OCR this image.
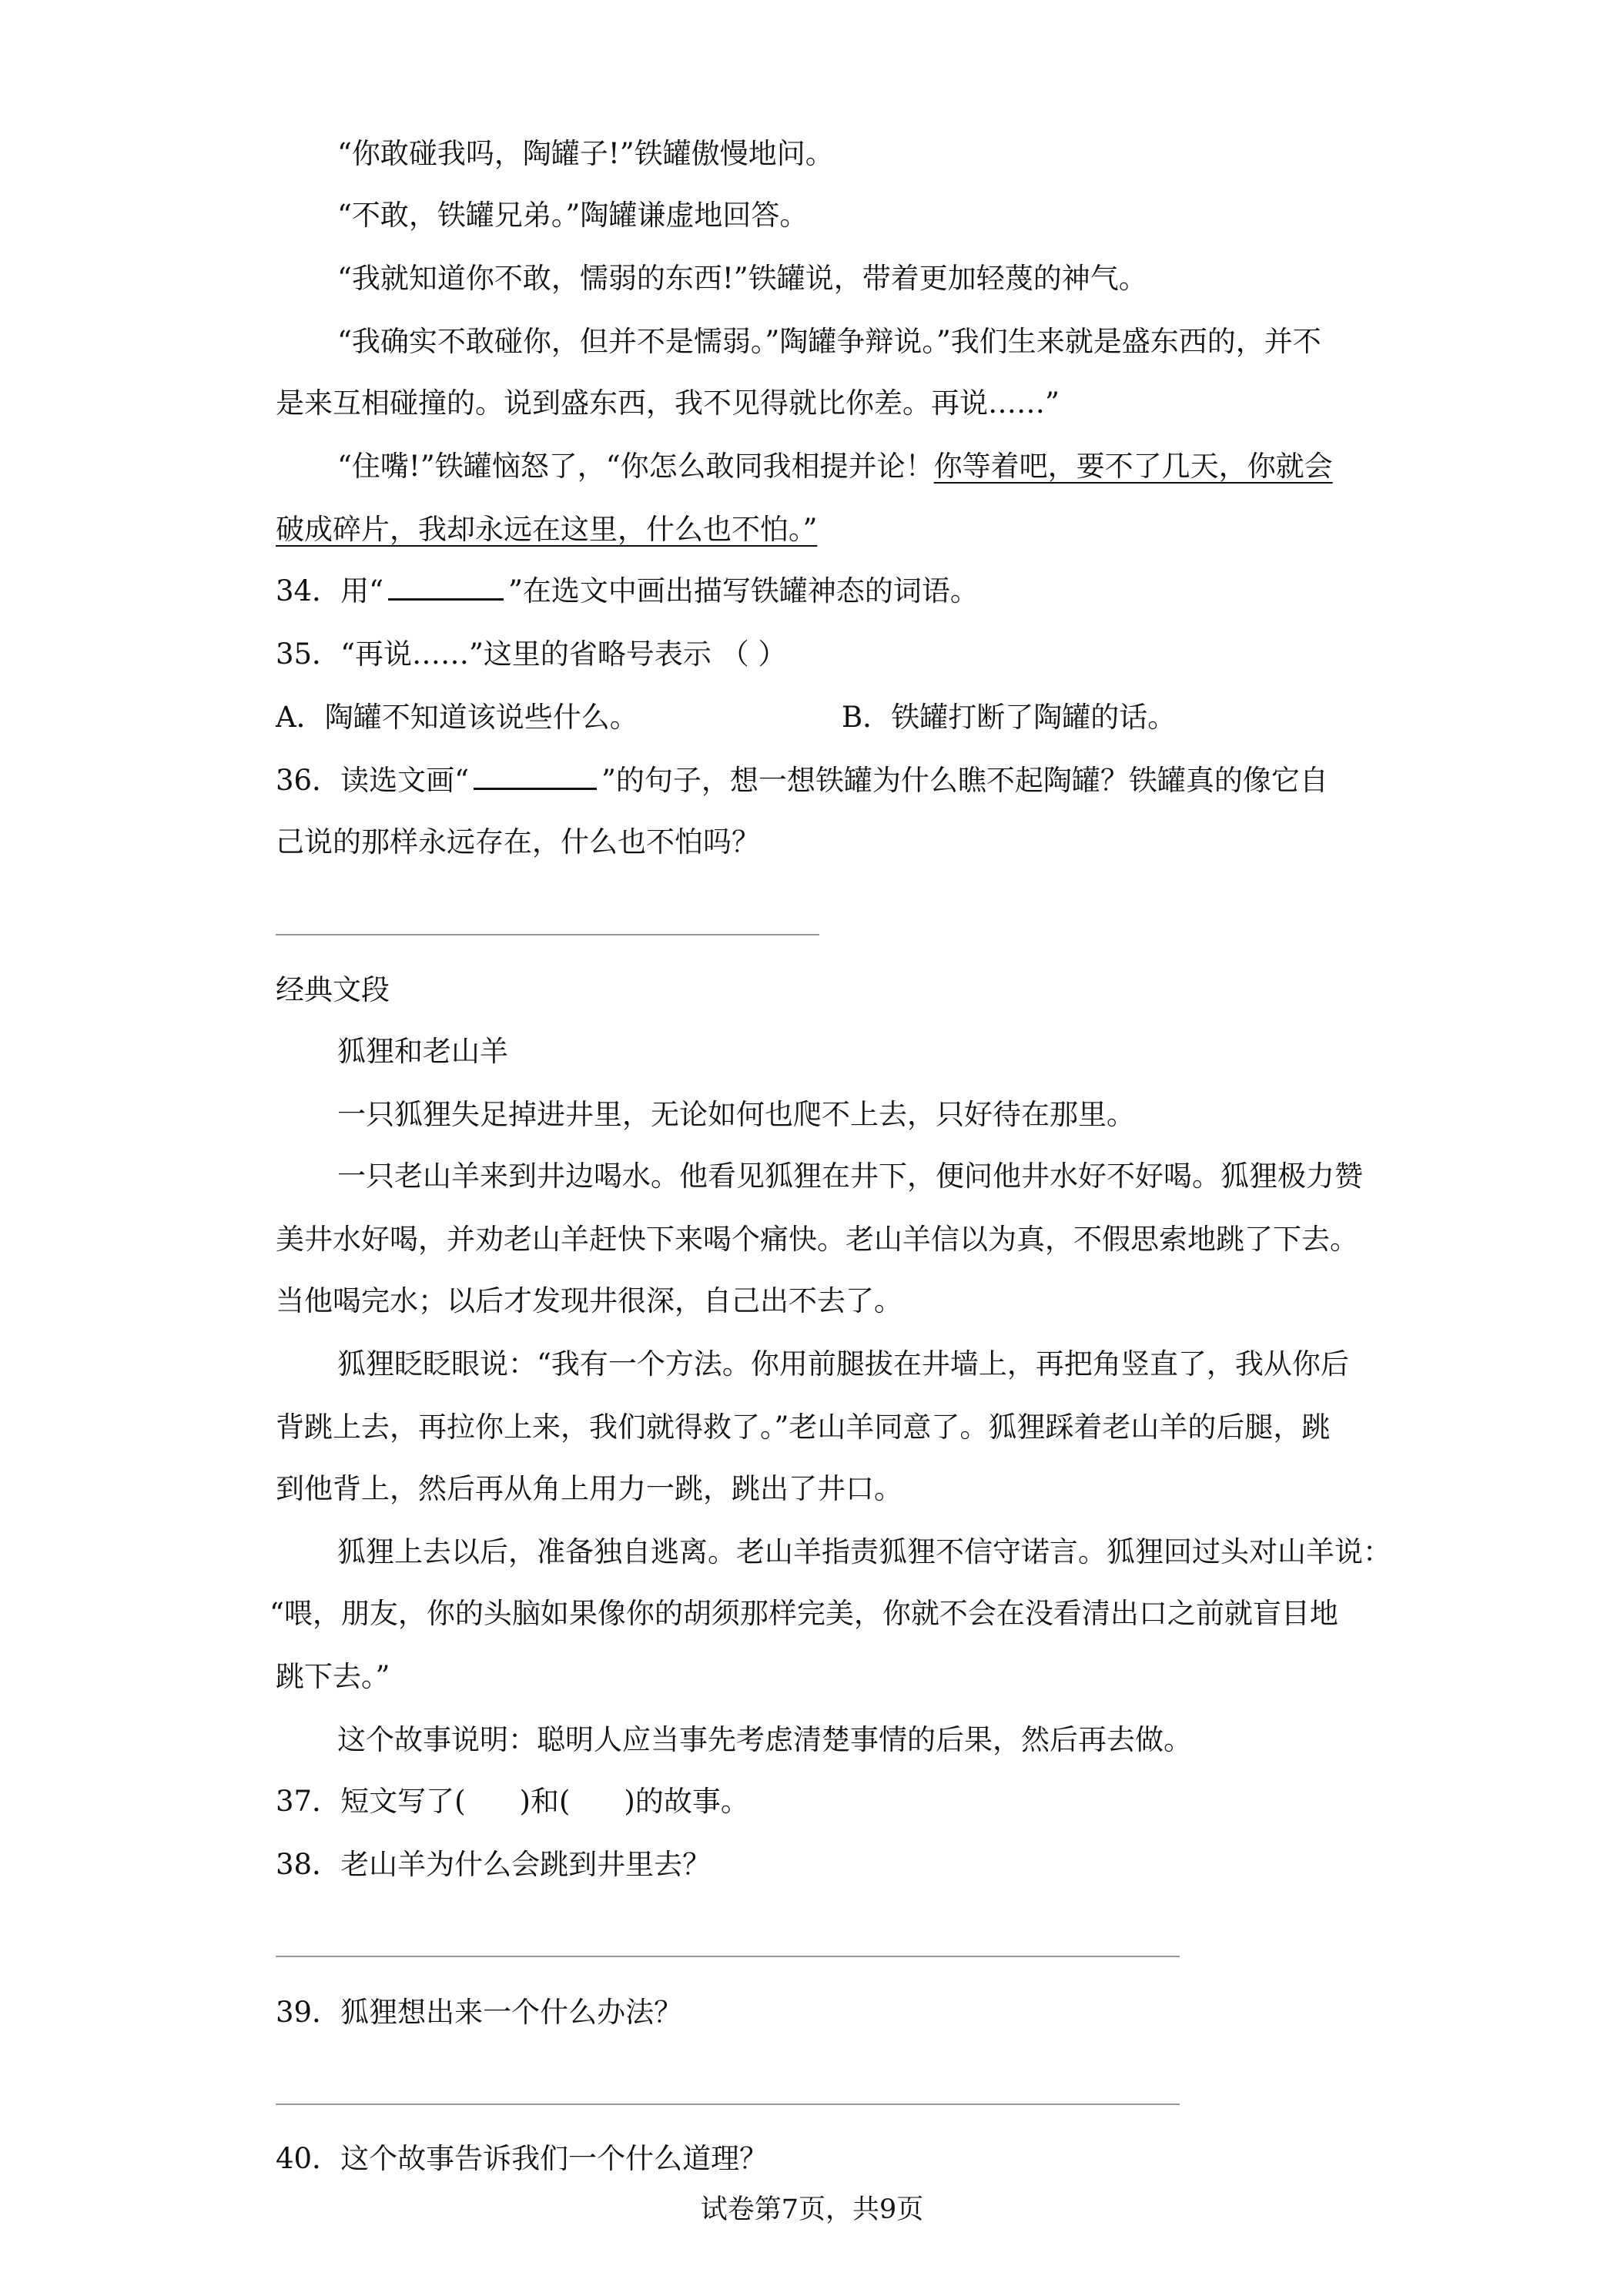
“你敢碰我吗，陶罐子!”铁罐傲慢地问。
“不敢，铁罐兄弟。”陶罐谦虚地回答。
“我就知道你不敢，懦弱的东西!”铁罐说，带着更加轻蔑的神气。
“我确实不敢碰你，但并不是懦弱。”陶罐争辩说。”我们生来就是盛东西的，并不
是来互相碰撞的。说到盛东西，我不见得就比你差。再说……”
“住嘴!”铁罐恼怒了，“你怎么敢同我相提并论！你等着吧，要不了几天，你就会
破成碎片，我却永远在这里，什么也不怕。”
34．用“	”在选文中画出描写铁罐神态的词语。
35．“再说……”这里的省略号表示 （ ）
A．陶罐不知道该说些什么。	B．铁罐打断了陶罐的话。
36．读选文画“	”的句子，想一想铁罐为什么瞧不起陶罐？铁罐真的像它自
己说的那样永远存在，什么也不怕吗？
经典文段
狐狸和老山羊
一只狐狸失足掉进井里，无论如何也爬不上去，只好待在那里。
一只老山羊来到井边喝水。他看见狐狸在井下，便问他井水好不好喝。狐狸极力赞
美井水好喝，并劝老山羊赶快下来喝个痛快。老山羊信以为真，不假思索地跳了下去。
当他喝完水；以后才发现井很深，自己出不去了。
狐狸眨眨眼说：“我有一个方法。你用前腿拔在井墙上，再把角竖直了，我从你后
背跳上去，再拉你上来，我们就得救了。”老山羊同意了。狐狸踩着老山羊的后腿，跳
到他背上，然后再从角上用力一跳，跳出了井口。
狐狸上去以后，准备独自逃离。老山羊指责狐狸不信守诺言。狐狸回过头对山羊说：
“喂，朋友，你的头脑如果像你的胡须那样完美，你就不会在没看清出口之前就盲目地
跳下去。”
这个故事说明：聪明人应当事先考虑清楚事情的后果，然后再去做。
37．短文写了( )和( )的故事。
38．老山羊为什么会跳到井里去？
39．狐狸想出来一个什么办法？
40．这个故事告诉我们一个什么道理？
试卷第7页，共9页
